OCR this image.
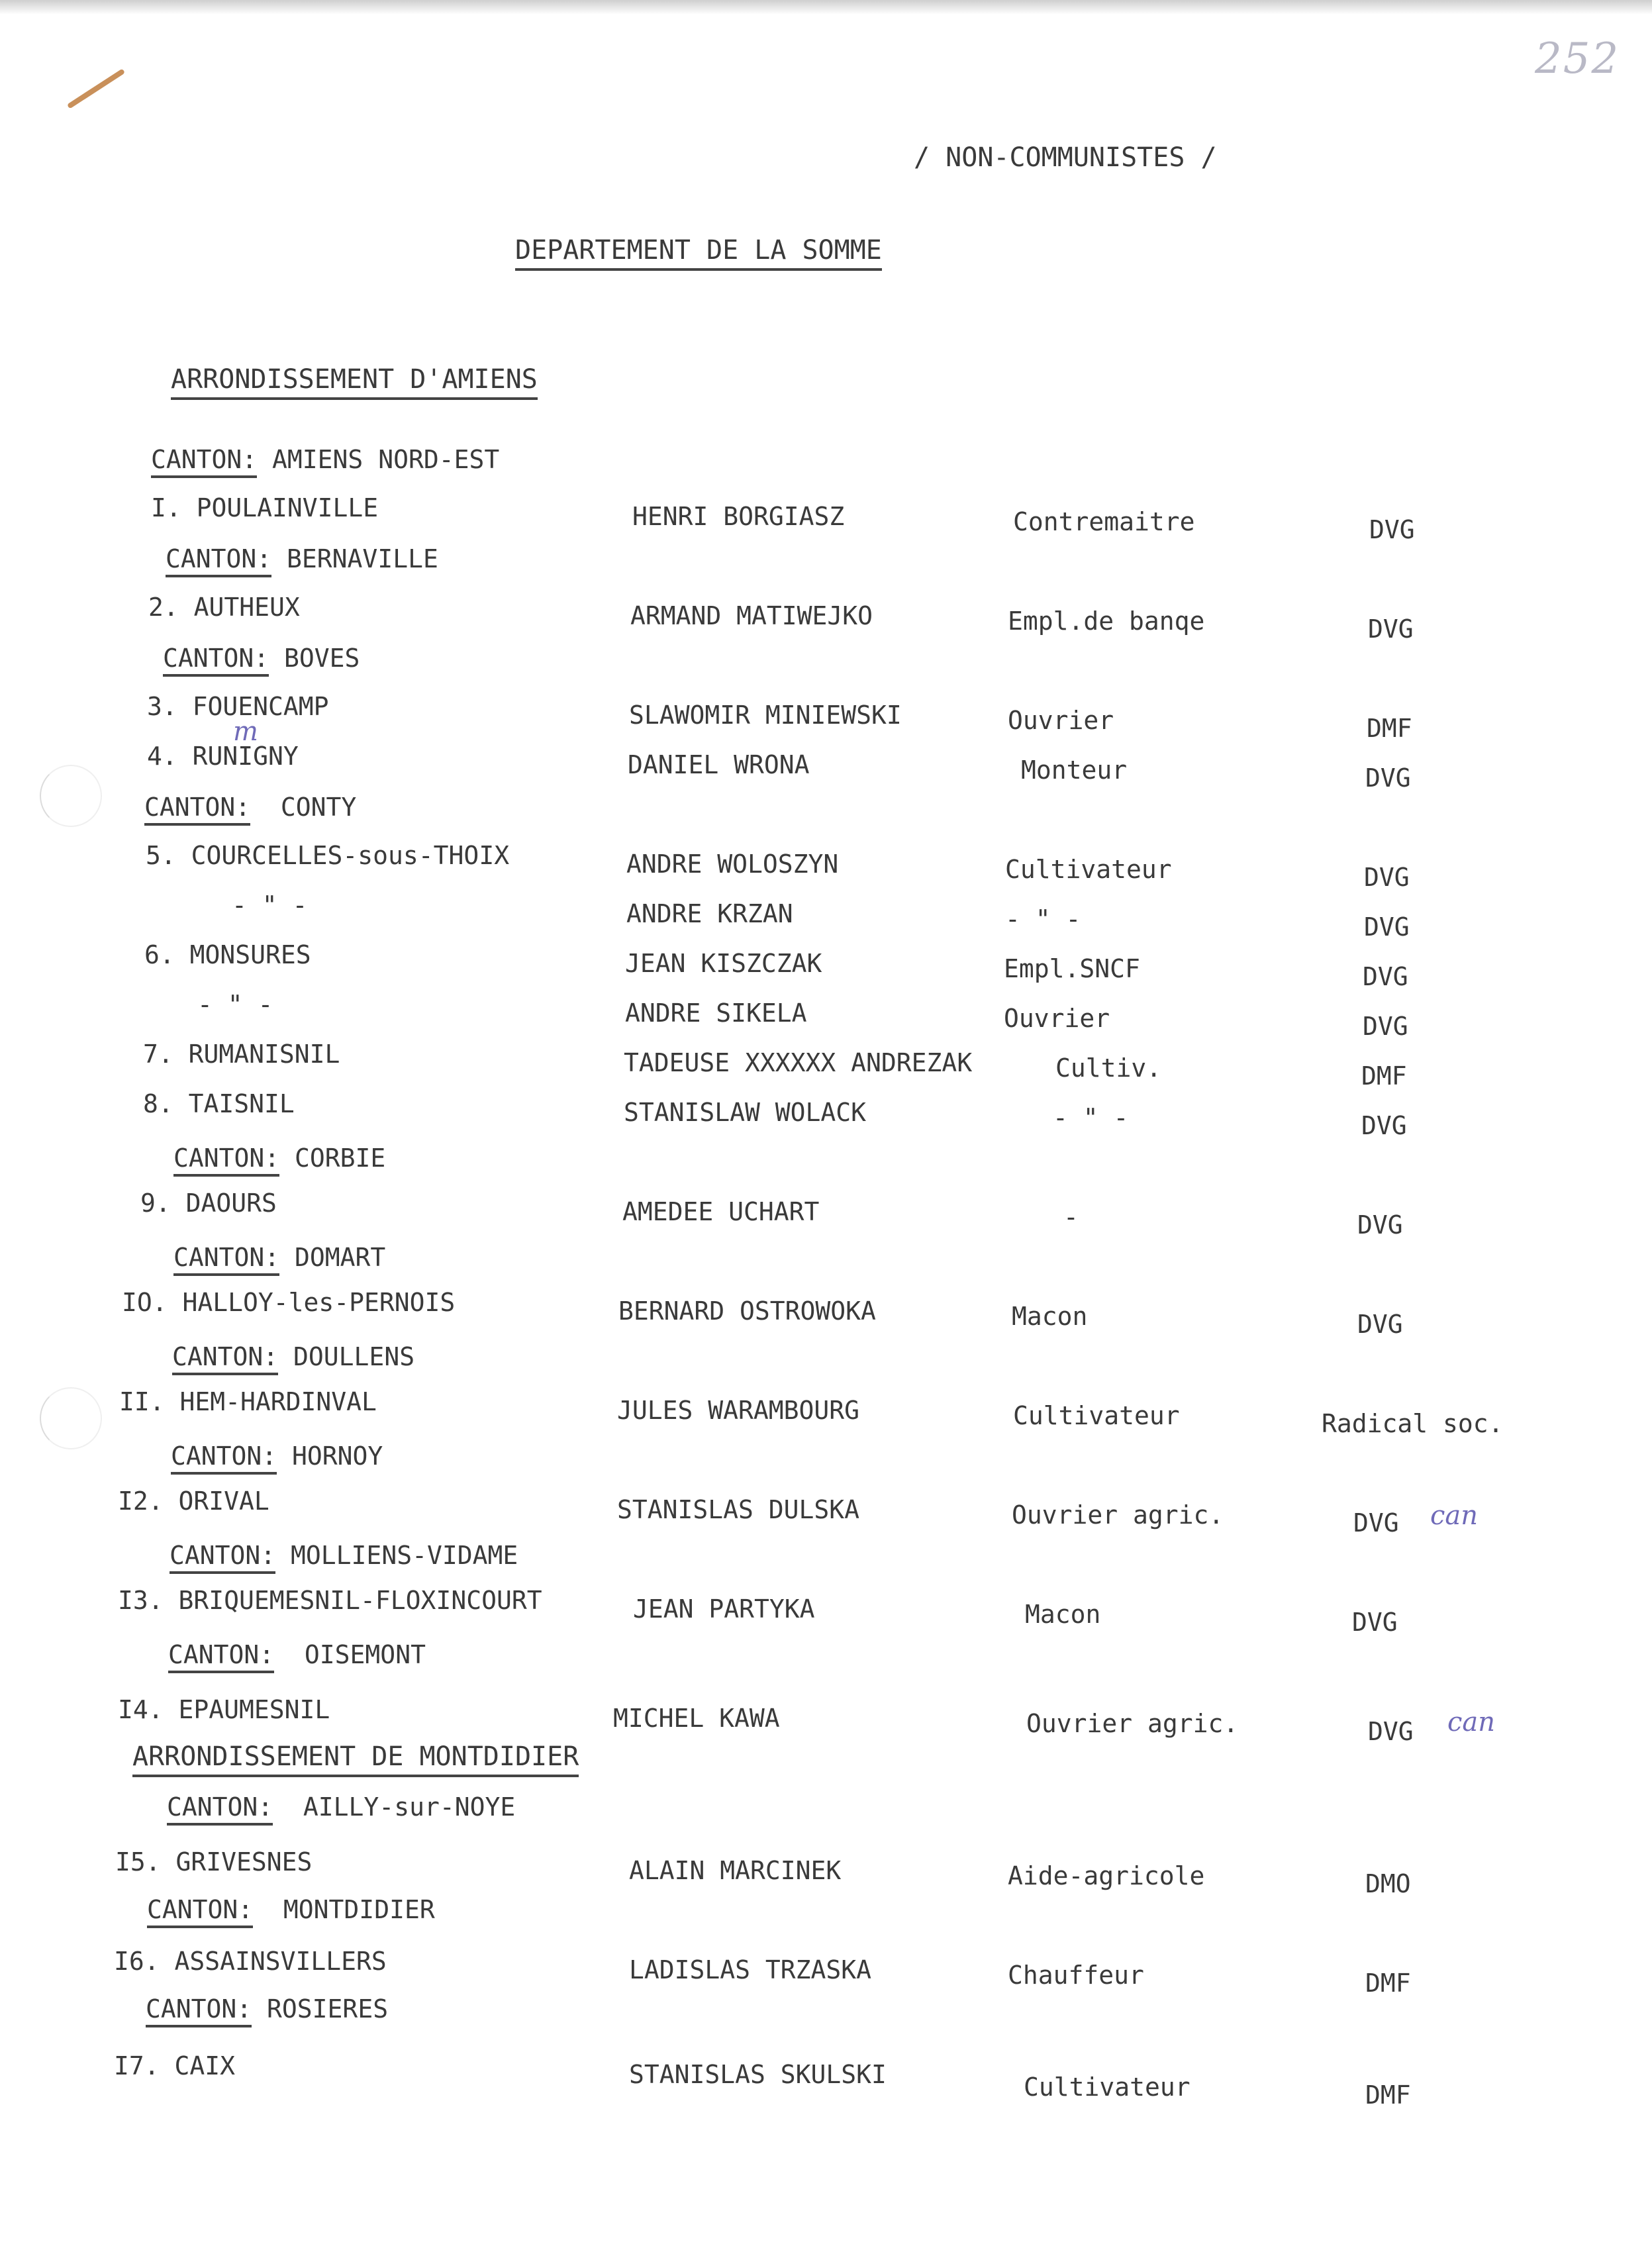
252
/ NON-COMMUNISTES /
DEPARTEMENT DE LA SOMME
ARRONDISSEMENT D'AMIENS
ARRONDISSEMENT DE MONTDIDIER
CANTON: AMIENS NORD-EST
CANTON: BERNAVILLE
CANTON: BOVES
CANTON: CONTY
CANTON: CORBIE
CANTON: DOMART
CANTON: DOULLENS
CANTON: HORNOY
CANTON: MOLLIENS-VIDAME
CANTON: OISEMONT
CANTON: AILLY-sur-NOYE
CANTON: MONTDIDIER
CANTON: ROSIERES
I. POULAINVILLE	HENRI BORGIASZ	Contremaitre	DVG
2. AUTHEUX	ARMAND MATIWEJKO	Empl.de banqe	DVG
3. FOUENCAMP	SLAWOMIR MINIEWSKI	Ouvrier	DMF
4. RUNIGNY	DANIEL WRONA	Monteur	DVG
m
5. COURCELLES-sous-THOIX	ANDRE WOLOSZYN	Cultivateur	DVG
- " -	ANDRE KRZAN	- " -	DVG
6. MONSURES	JEAN KISZCZAK	Empl.SNCF	DVG
- " -	ANDRE SIKELA	Ouvrier	DVG
7. RUMANISNIL	TADEUSE XXXXXX ANDREZAK	Cultiv.	DMF
8. TAISNIL	STANISLAW WOLACK	- " -	DVG
9. DAOURS	AMEDEE UCHART	-	DVG
IO. HALLOY-les-PERNOIS	BERNARD OSTROWOKA	Macon	DVG
II. HEM-HARDINVAL	JULES WARAMBOURG	Cultivateur	Radical soc.
I2. ORIVAL	STANISLAS DULSKA	Ouvrier agric.	DVG can
I3. BRIQUEMESNIL-FLOXINCOURT	JEAN PARTYKA	Macon	DVG
I4. EPAUMESNIL	MICHEL KAWA	Ouvrier agric.	DVG can
I5. GRIVESNES	ALAIN MARCINEK	Aide-agricole	DMO
I6. ASSAINSVILLERS	LADISLAS TRZASKA	Chauffeur	DMF
I7. CAIX	STANISLAS SKULSKI	Cultivateur	DMF
